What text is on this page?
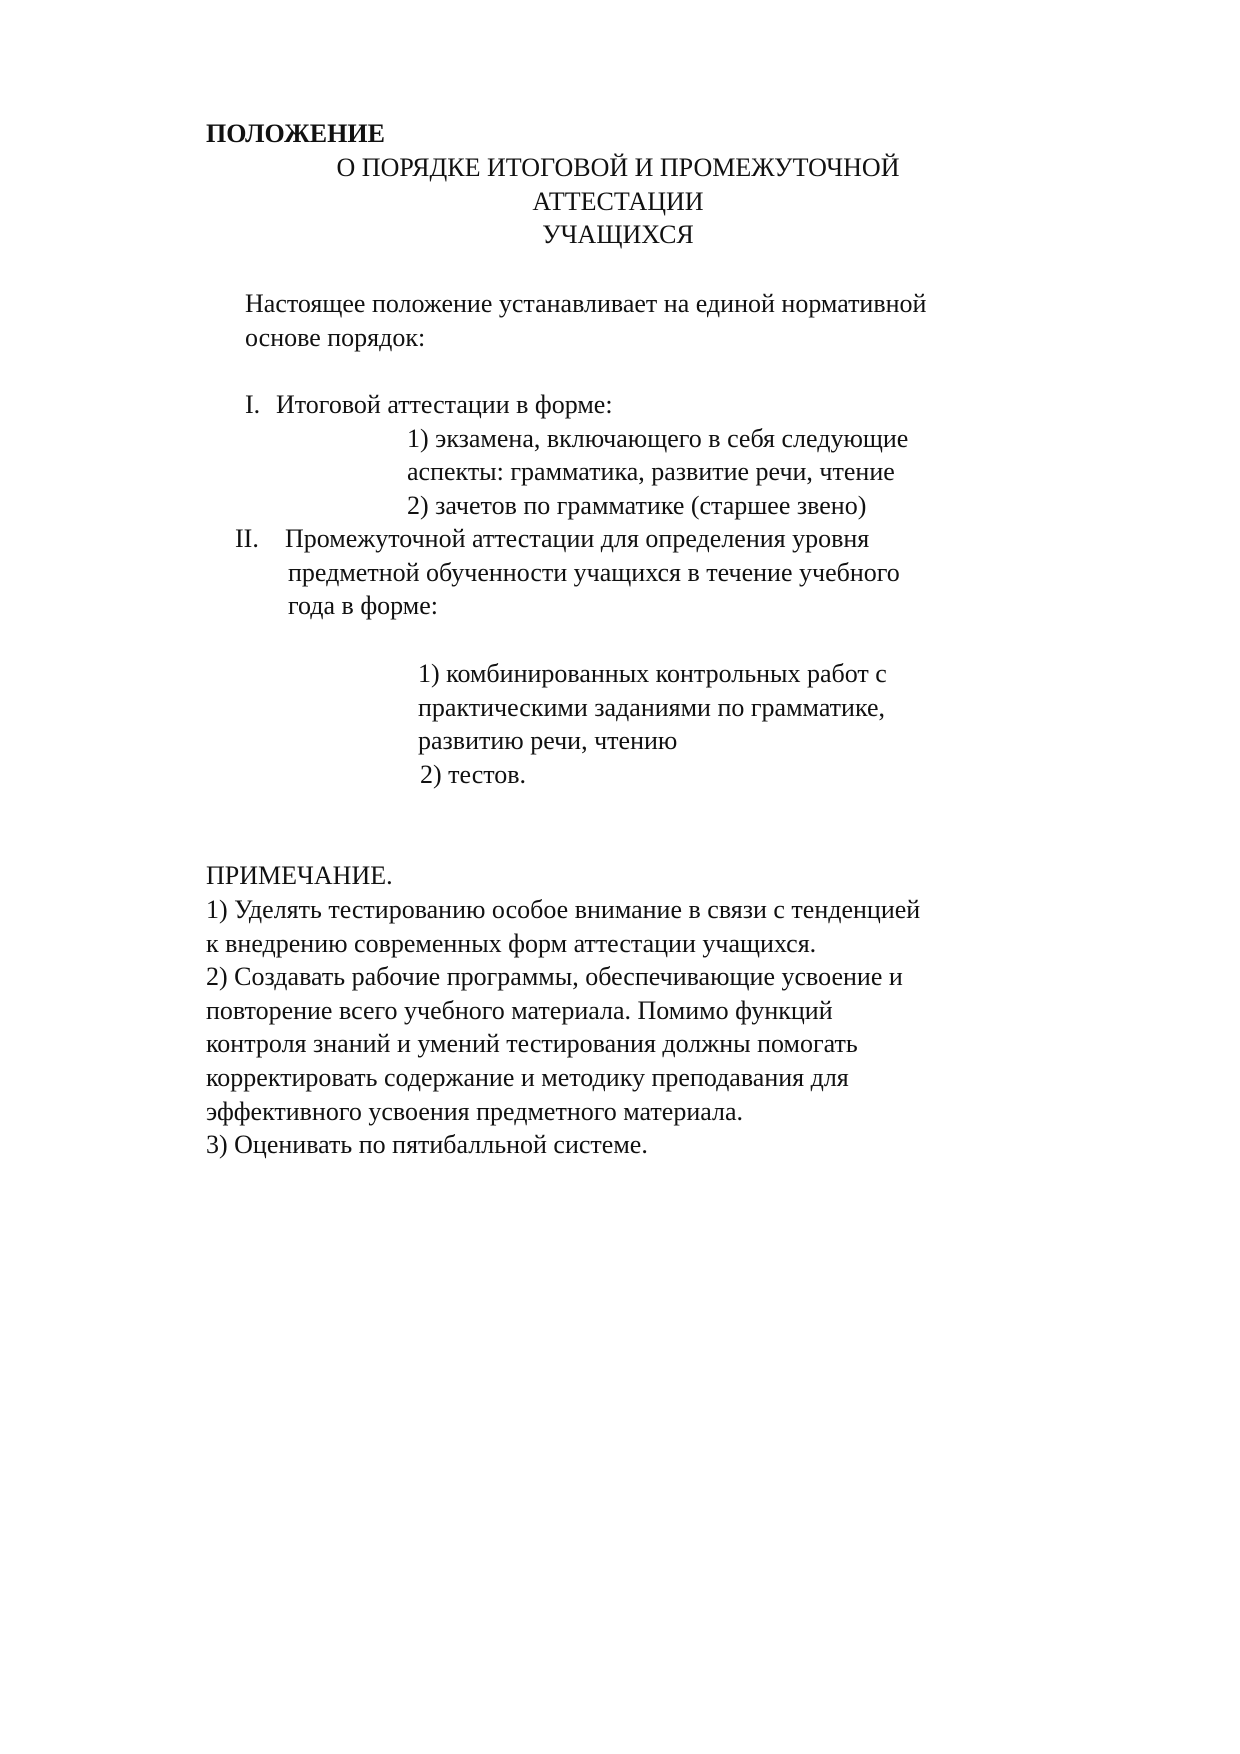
ПОЛОЖЕНИЕ

О ПОРЯДКЕ ИТОГОВОЙ И ПРОМЕЖУТОЧНОЙ

АТТЕСТАЦИИ

УЧАЩИХСЯ

Настоящее положение устанавливает на единой нормативной

основе порядок:

I. Итоговой аттестации в форме:

1) экзамена, включающего в себя следующие

аспекты: грамматика, развитие речи, чтение

2) зачетов по грамматике (старшее звено)

II. Промежуточной аттестации для определения уровня

предметной обученности учащихся в течение учебного

года в форме:

1) комбинированных контрольных работ с

практическими заданиями по грамматике,

развитию речи, чтению

2) тестов.

ПРИМЕЧАНИЕ.

1) Уделять тестированию особое внимание в связи с тенденцией

к внедрению современных форм аттестации учащихся.

2) Создавать рабочие программы, обеспечивающие усвоение и

повторение всего учебного материала. Помимо функций

контроля знаний и умений тестирования должны помогать

корректировать содержание и методику преподавания для

эффективного усвоения предметного материала.

3) Оценивать по пятибалльной системе.
